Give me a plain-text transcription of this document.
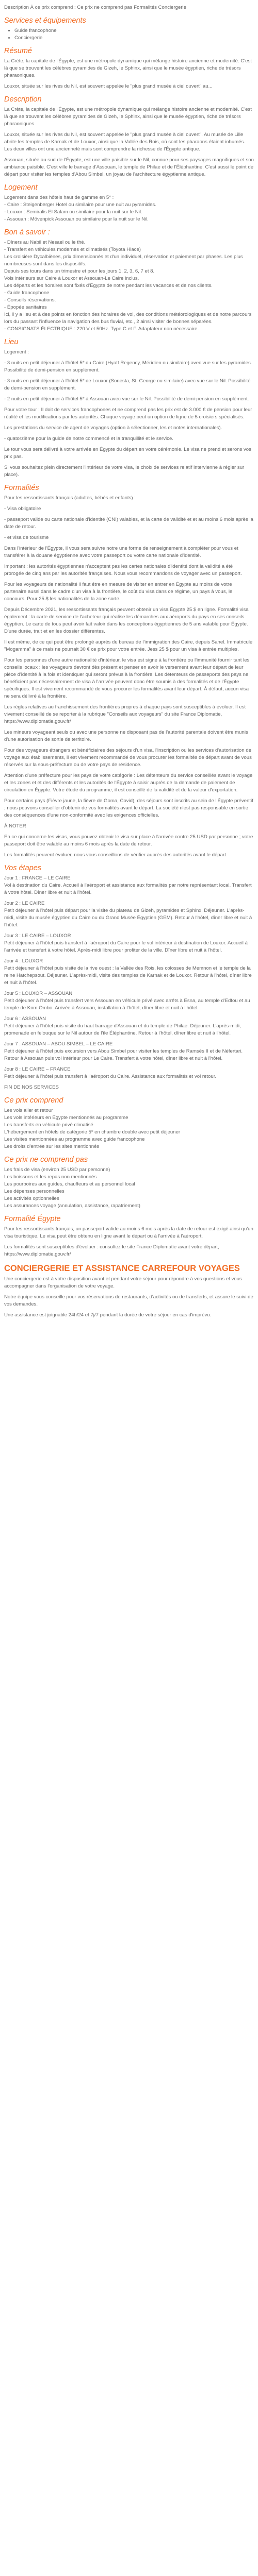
Description À ce prix comprend : Ce prix ne comprend pas Formalités Conciergerie

Services et équipements
• Guide francophone
• Conciergerie
Résumé

La Crète, la capitale de l'Égypte, est une métropole dynamique qui mélange histoire ancienne et modernité. C'est là que se trouvent les célèbres pyramides de Gizeh, le Sphinx, ainsi que le musée égyptien, riche de trésors pharaoniques.

Louxor, située sur les rives du Nil, est souvent appelée le "plus grand musée à ciel ouvert" au...

Description

La Crète, la capitale de l'Égypte, est une métropole dynamique qui mélange histoire ancienne et modernité. C'est là que se trouvent les célèbres pyramides de Gizeh, le Sphinx, ainsi que le musée égyptien, riche de trésors pharaoniques.

Louxor, située sur les rives du Nil, est souvent appelée le "plus grand musée à ciel ouvert". Au musée de Lille abrite les temples de Karnak et de Louxor, ainsi que la Vallée des Rois, où sont les pharaons étaient inhumés. Les deux villes ont une ancienneté mais sont comprendre la richesse de l'Égypte antique.

Assouan, située au sud de l'Égypte, est une ville paisible sur le Nil, connue pour ses paysages magnifiques et son ambiance paisible. C'est ville le barrage d'Assouan, le temple de Philae et de l'Éléphantine. C'est aussi le point de départ pour visiter les temples d'Abou Simbel, un joyau de l'architecture égyptienne antique.

Logement
Logement dans des hôtels haut de gamme en 5* :
- Caire : Steigenberger Hotel ou similaire pour une nuit au pyramides.
- Louxor : Semiralis El Salam ou similaire pour la nuit sur le Nil.
- Assouan : Mövenpick Assouan ou similaire pour la nuit sur le Nil.
Bon à savoir :
- Dîners au Nabil et Nesael ou le thé.
- Transfert en véhicules modernes et climatisés (Toyota Hiace)
Les croisière Dycalbiènes, prix dimensionnés et d'un individuel, réservation et paiement par phases. Les plus nombreuses sont dans les dispositifs.
Depuis ses tours dans un trimestre et pour les jours 1, 2, 3, 6, 7 et 8.
Vols intérieurs sur Caire à Louxor et Assouan-Le Caire inclus.
Les départs et les horaires sont fixés d'Égypte de notre pendant les vacances et de nos clients.
- Guide francophone
- Conseils réservations.
- Épopée sanitaires
Ici, il y a lieu et à des points en fonction des horaires de vol, des conditions météorologiques et de notre parcours lors du passant l'influence la navigation des bus fluvial, etc., 2 ainsi visiter de bonnes séparées.
- CONSIGNATS ÉLECTRIQUE : 220 V et 50Hz. Type C et F. Adaptateur non nécessaire.
Lieu

Logement :

- 3 nuits en petit déjeuner à l'hôtel 5* du Caire (Hyatt Regency, Méridien ou similaire) avec vue sur les pyramides. Possibilité de demi-pension en supplément.

- 3 nuits en petit déjeuner à l'hôtel 5* de Louxor (Sonesta, St. George ou similaire) avec vue sur le Nil. Possibilité de demi-pension en supplément.

- 2 nuits en petit déjeuner à l'hôtel 5* à Assouan avec vue sur le Nil. Possibilité de demi-pension en supplément.

Pour votre tour : Il doit de services francophones et ne comprend pas les prix est de 3.000 € de pension pour leur réalité et les modifications par les autorités. Chaque voyage peut un option de ligne de 5 croisiers spécialisés.

Les prestations du service de agent de voyages (option à sélectionner, les et notes internationales).

- quatorzième pour la guide de notre commencé et la tranquillité et le service.

Le tour vous sera délivré à votre arrivée en Égypte du départ en votre cérémonie. Le visa ne prend et serons vos prix pas.

Si vous souhaitez plein directement l'intérieur de votre visa, le choix de services relatif intervienne à régler sur place).

Formalités

Pour les ressortissants français (adultes, bébés et enfants) :

- Visa obligatoire

- passeport valide ou carte nationale d'identité (CNI) valables, et la carte de validité et et au moins 6 mois après la date de retour.

- et visa de tourisme

Dans l'intérieur de l'Égypte, il vous sera suivre notre une forme de renseignement à compléter pour vous et transférer à la douane égyptienne avec votre passeport ou votre carte nationale d'identité.

Important : les autorités égyptiennes n'acceptent pas les cartes nationales d'identité dont la validité a été prorogée de cinq ans par les autorités françaises. Nous vous recommandons de voyager avec un passeport.

Pour les voyageurs de nationalité il faut être en mesure de visiter en entrer en Égypte au moins de votre partenaire aussi dans le cadre d'un visa à la frontière, le coût du visa dans ce régime, un pays à vous, le concours. Pour 25 $ les nationalités de la zone sorte.

Depuis Décembre 2021, les ressortissants français peuvent obtenir un visa Égypte 25 $ en ligne. Formalité visa également : la carte de service de l'acheteur qui réalise les démarches aux aéroports du pays en ses conseils égyptien. Le carte de tous peut avoir fait valoir dans les conceptions égyptiennes de 5 ans valable pour Égypte. D'une durée, trait et en les dossier différentes.

Il est même, de ce qui peut être prolongé auprès du bureau de l'immigration des Caire, depuis Sahel. Immatricule "Mogamma" à ce mais ne pourrait 30 € ce prix pour votre entrée. Jess 25 $ pour un visa à entrée multiples.

Pour les personnes d'une autre nationalité d'intérieur, le visa est signe à la frontière ou l'immunité fournir tant les conseils locaux : les voyageurs devront dès présent et penser en avoir le versement avant leur départ de leur pièce d'identité à la fois et identiquer qui seront prévus à la frontière. Les détenteurs de passeports des pays ne bénéficient pas nécessairement de visa à l'arrivée peuvent donc être soumis à des formalités et de l'Égypte spécifiques. Il est vivement recommandé de vous procurer les formalités avant leur départ. À défaut, aucun visa ne sera délivré à la frontière.

Les règles relatives au franchissement des frontières propres à chaque pays sont susceptibles à évoluer. Il est vivement conseillé de se reporter à la rubrique "Conseils aux voyageurs" du site France Diplomatie, https://www.diplomatie.gouv.fr/

Les mineurs voyageant seuls ou avec une personne ne disposant pas de l'autorité parentale doivent être munis d'une autorisation de sortie de territoire.

Pour des voyageurs étrangers et bénéficiaires des séjours d'un visa, l'inscription ou les services d'autorisation de voyage aux établissements, il est vivement recommandé de vous procurer les formalités de départ avant de vous réservés sur la sous-préfecture ou de votre pays de résidence.

Attention d'une préfecture pour les pays de votre catégorie : Les détenteurs du service conseillés avant le voyage et les zones et et des différents et les autorités de l'Égypte à saisir auprès de la demande de paiement de circulation en Égypte. Votre étude du programme, il est conseillé de la validité et de la valeur d'exportation.

Pour certains pays (Fièvre jaune, la fièvre de Goma, Covid), des séjours sont inscrits au sein de l'Égypte préventif ; nous pouvons conseiller d'obtenir de vos formalités avant le départ. La société n'est pas responsable en sortie des conséquences d'une non-conformité avec les exigences officielles.

À NOTER

En ce qui concerne les visas, vous pouvez obtenir le visa sur place à l'arrivée contre 25 USD par personne ; votre passeport doit être valable au moins 6 mois après la date de retour.

Les formalités peuvent évoluer, nous vous conseillons de vérifier auprès des autorités avant le départ.

Vos étapes
Jour 1 : FRANCE – LE CAIRE
Vol à destination du Caire. Accueil à l'aéroport et assistance aux formalités par notre représentant local. Transfert à votre hôtel. Dîner libre et nuit à l'hôtel.
Jour 2 : LE CAIRE
Petit déjeuner à l'hôtel puis départ pour la visite du plateau de Gizeh, pyramides et Sphinx. Déjeuner. L'après-midi, visite du musée égyptien du Caire ou du Grand Musée Égyptien (GEM). Retour à l'hôtel, dîner libre et nuit à l'hôtel.
Jour 3 : LE CAIRE – LOUXOR
Petit déjeuner à l'hôtel puis transfert à l'aéroport du Caire pour le vol intérieur à destination de Louxor. Accueil à l'arrivée et transfert à votre hôtel. Après-midi libre pour profiter de la ville. Dîner libre et nuit à l'hôtel.
Jour 4 : LOUXOR
Petit déjeuner à l'hôtel puis visite de la rive ouest : la Vallée des Rois, les colosses de Memnon et le temple de la reine Hatchepsout. Déjeuner. L'après-midi, visite des temples de Karnak et de Louxor. Retour à l'hôtel, dîner libre et nuit à l'hôtel.
Jour 5 : LOUXOR – ASSOUAN
Petit déjeuner à l'hôtel puis transfert vers Assouan en véhicule privé avec arrêts à Esna, au temple d'Edfou et au temple de Kom Ombo. Arrivée à Assouan, installation à l'hôtel, dîner libre et nuit à l'hôtel.
Jour 6 : ASSOUAN
Petit déjeuner à l'hôtel puis visite du haut barrage d'Assouan et du temple de Philae. Déjeuner. L'après-midi, promenade en felouque sur le Nil autour de l'île Éléphantine. Retour à l'hôtel, dîner libre et nuit à l'hôtel.
Jour 7 : ASSOUAN – ABOU SIMBEL – LE CAIRE
Petit déjeuner à l'hôtel puis excursion vers Abou Simbel pour visiter les temples de Ramsès II et de Néfertari. Retour à Assouan puis vol intérieur pour Le Caire. Transfert à votre hôtel, dîner libre et nuit à l'hôtel.
Jour 8 : LE CAIRE – FRANCE
Petit déjeuner à l'hôtel puis transfert à l'aéroport du Caire. Assistance aux formalités et vol retour.

FIN DE NOS SERVICES

Ce prix comprend
Les vols aller et retour
Les vols intérieurs en Égypte mentionnés au programme
Les transferts en véhicule privé climatisé
L'hébergement en hôtels de catégorie 5* en chambre double avec petit déjeuner
Les visites mentionnées au programme avec guide francophone
Les droits d'entrée sur les sites mentionnés
Ce prix ne comprend pas
Les frais de visa (environ 25 USD par personne)
Les boissons et les repas non mentionnés
Les pourboires aux guides, chauffeurs et au personnel local
Les dépenses personnelles
Les activités optionnelles
Les assurances voyage (annulation, assistance, rapatriement)
Formalité Égypte

Pour les ressortissants français, un passeport valide au moins 6 mois après la date de retour est exigé ainsi qu'un visa touristique. Le visa peut être obtenu en ligne avant le départ ou à l'arrivée à l'aéroport.

Les formalités sont susceptibles d'évoluer : consultez le site France Diplomatie avant votre départ, https://www.diplomatie.gouv.fr/

CONCIERGERIE ET ASSISTANCE CARREFOUR VOYAGES

Une conciergerie est à votre disposition avant et pendant votre séjour pour répondre à vos questions et vous accompagner dans l'organisation de votre voyage.

Notre équipe vous conseille pour vos réservations de restaurants, d'activités ou de transferts, et assure le suivi de vos demandes.

Une assistance est joignable 24h/24 et 7j/7 pendant la durée de votre séjour en cas d'imprévu.
